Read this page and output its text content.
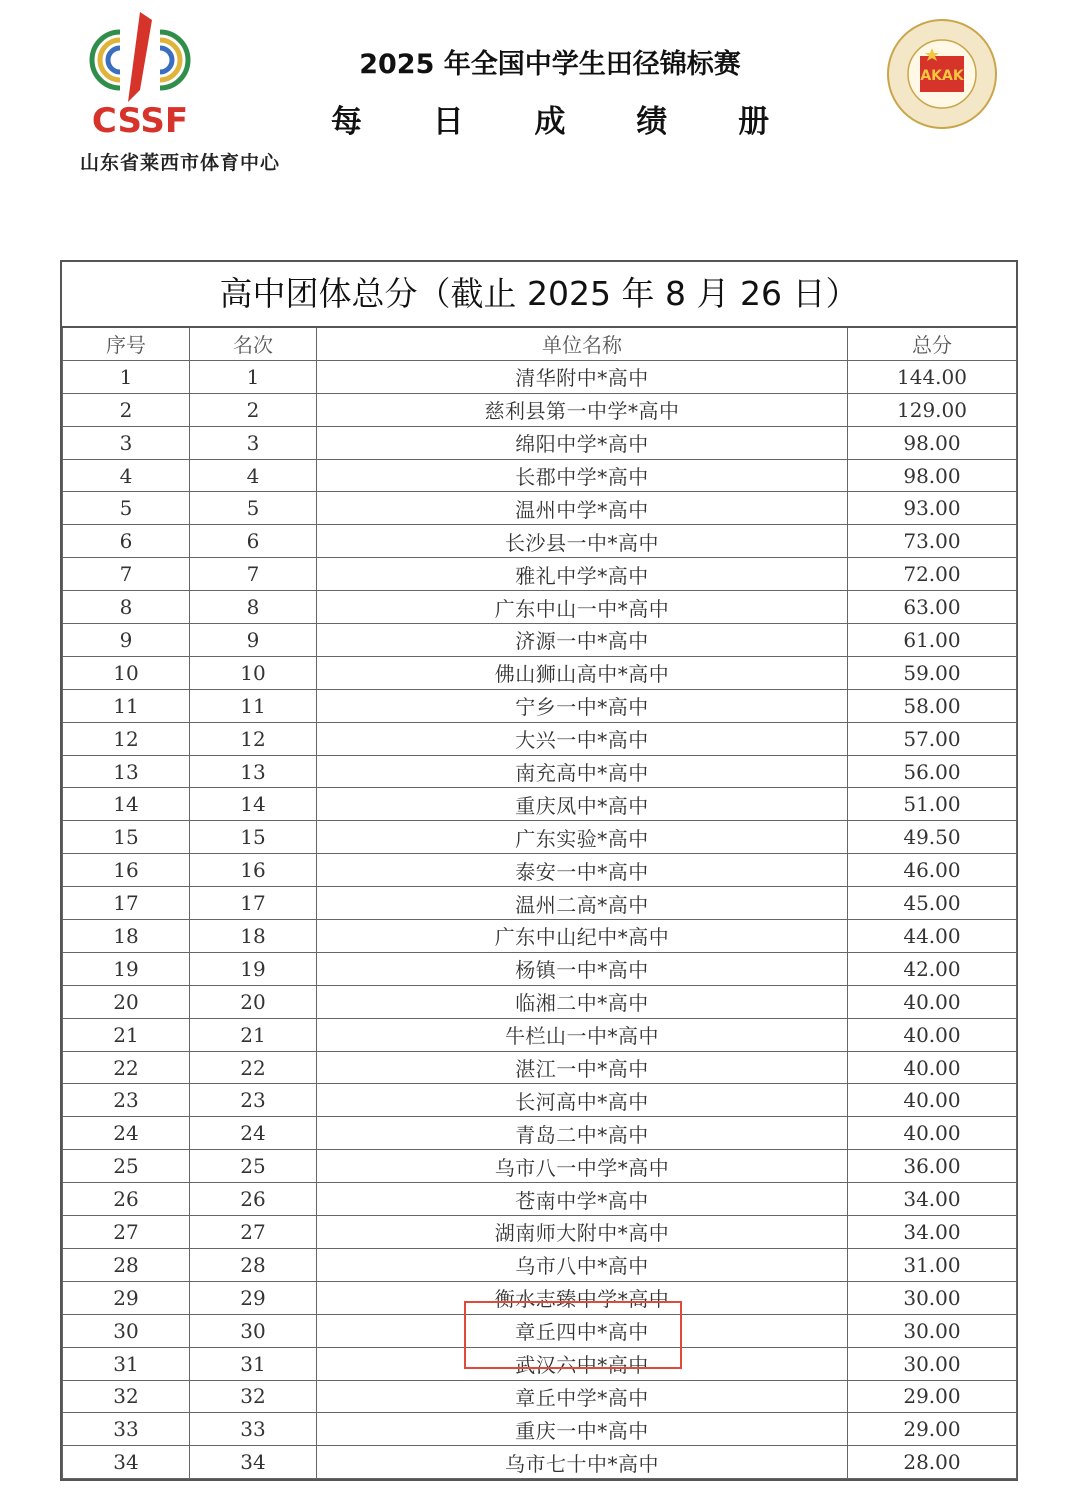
CSSF
山东省莱西市体育中心
2025 年全国中学生田径锦标赛
每 日 成 绩 册
AKAK
高中团体总分（截止 2025 年 8 月 26 日）
序号	名次	单位名称	总分
1	1	清华附中*高中	144.00
2	2	慈利县第一中学*高中	129.00
3	3	绵阳中学*高中	98.00
4	4	长郡中学*高中	98.00
5	5	温州中学*高中	93.00
6	6	长沙县一中*高中	73.00
7	7	雅礼中学*高中	72.00
8	8	广东中山一中*高中	63.00
9	9	济源一中*高中	61.00
10	10	佛山狮山高中*高中	59.00
11	11	宁乡一中*高中	58.00
12	12	大兴一中*高中	57.00
13	13	南充高中*高中	56.00
14	14	重庆凤中*高中	51.00
15	15	广东实验*高中	49.50
16	16	泰安一中*高中	46.00
17	17	温州二高*高中	45.00
18	18	广东中山纪中*高中	44.00
19	19	杨镇一中*高中	42.00
20	20	临湘二中*高中	40.00
21	21	牛栏山一中*高中	40.00
22	22	湛江一中*高中	40.00
23	23	长河高中*高中	40.00
24	24	青岛二中*高中	40.00
25	25	乌市八一中学*高中	36.00
26	26	苍南中学*高中	34.00
27	27	湖南师大附中*高中	34.00
28	28	乌市八中*高中	31.00
29	29	衡水志臻中学*高中	30.00
30	30	章丘四中*高中	30.00
31	31	武汉六中*高中	30.00
32	32	章丘中学*高中	29.00
33	33	重庆一中*高中	29.00
34	34	乌市七十中*高中	28.00
